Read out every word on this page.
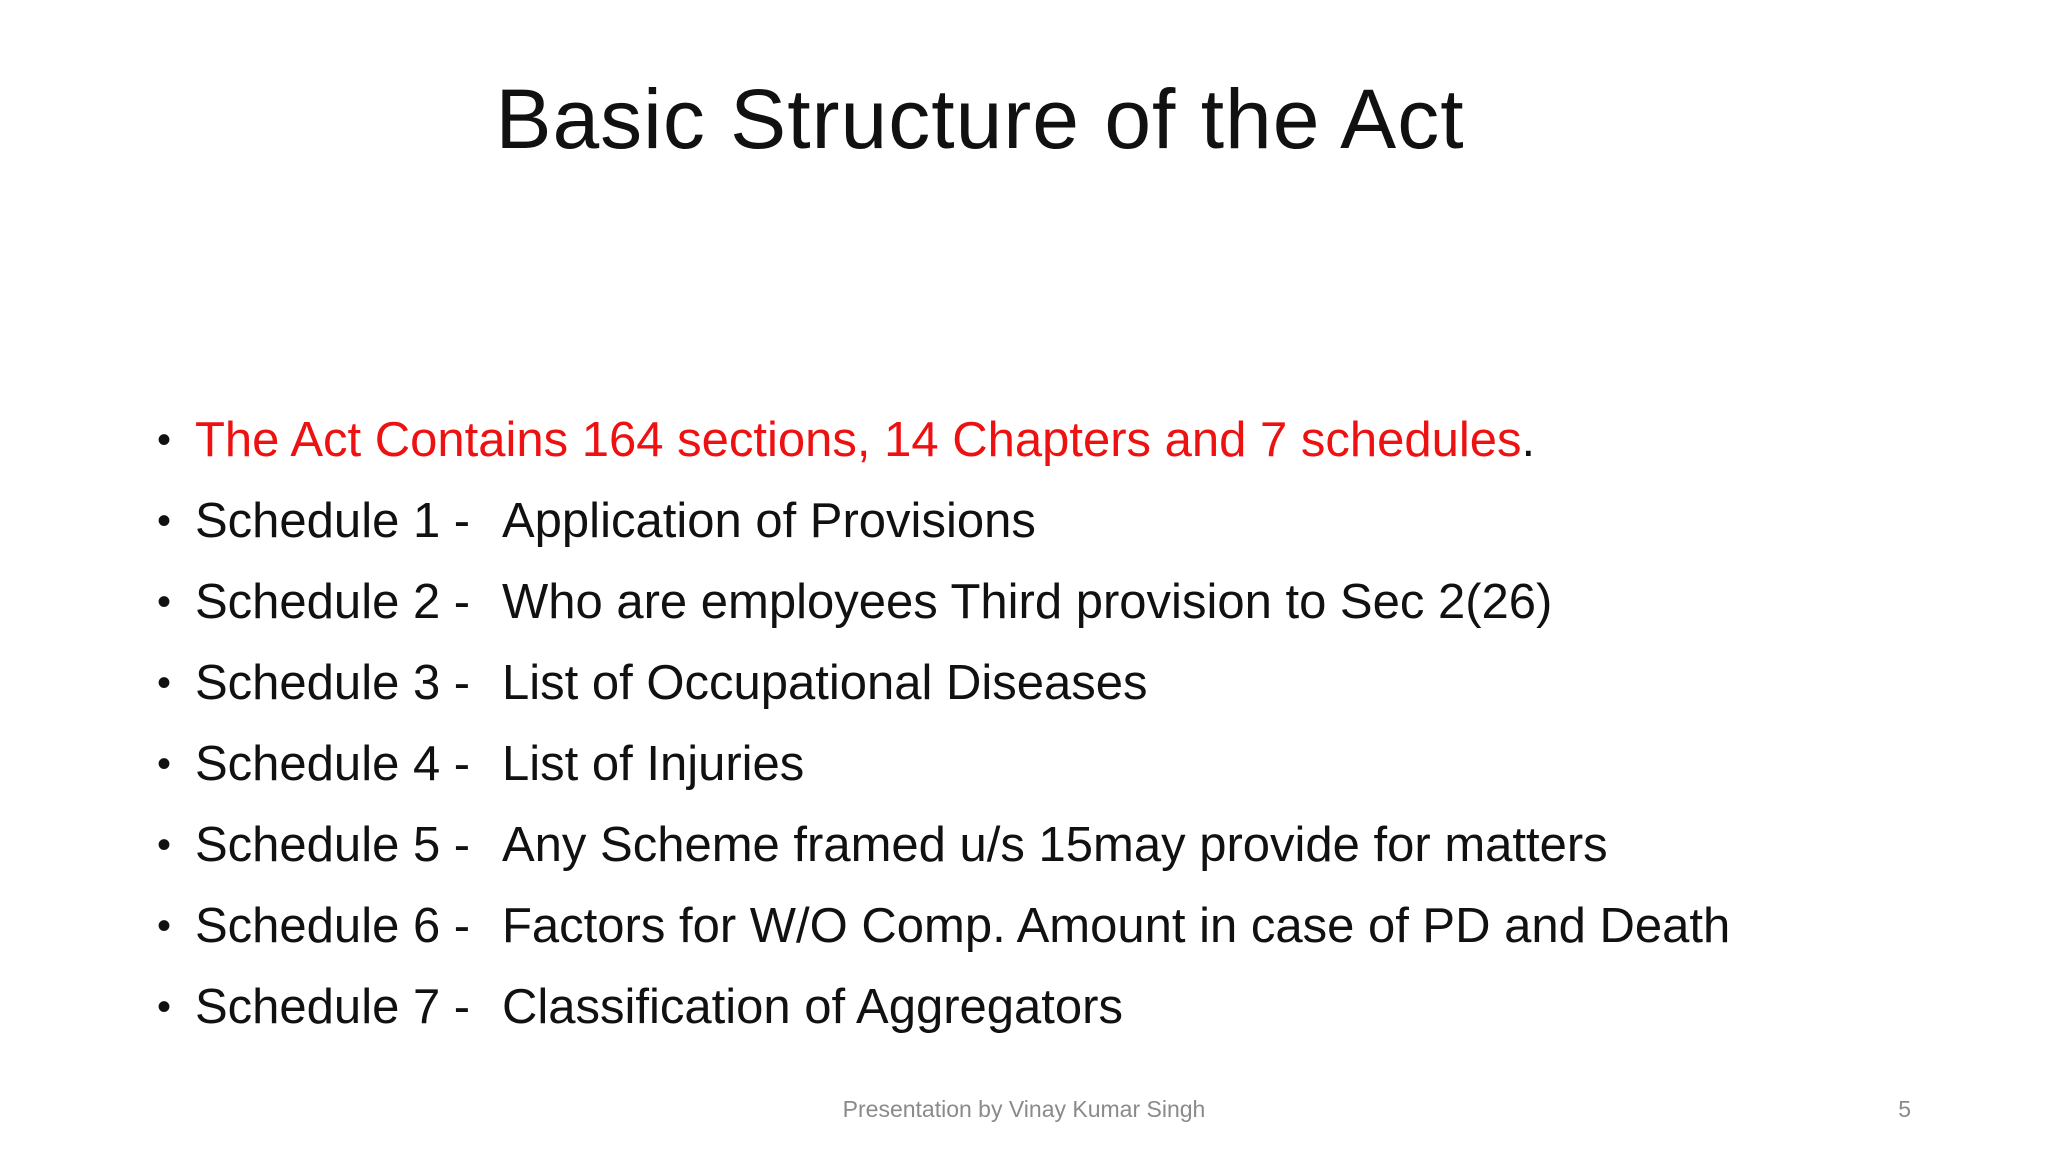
Basic Structure of the Act
• The Act Contains 164 sections, 14 Chapters and 7 schedules.
• Schedule 1 - Application of Provisions
• Schedule 2 - Who are employees Third provision to Sec 2(26)
• Schedule 3 - List of Occupational Diseases
• Schedule 4 - List of Injuries
• Schedule 5 - Any Scheme framed u/s 15may provide for matters
• Schedule 6 - Factors for W/O Comp. Amount in case of PD and Death
• Schedule 7 - Classification of Aggregators
Presentation by Vinay Kumar Singh	5
